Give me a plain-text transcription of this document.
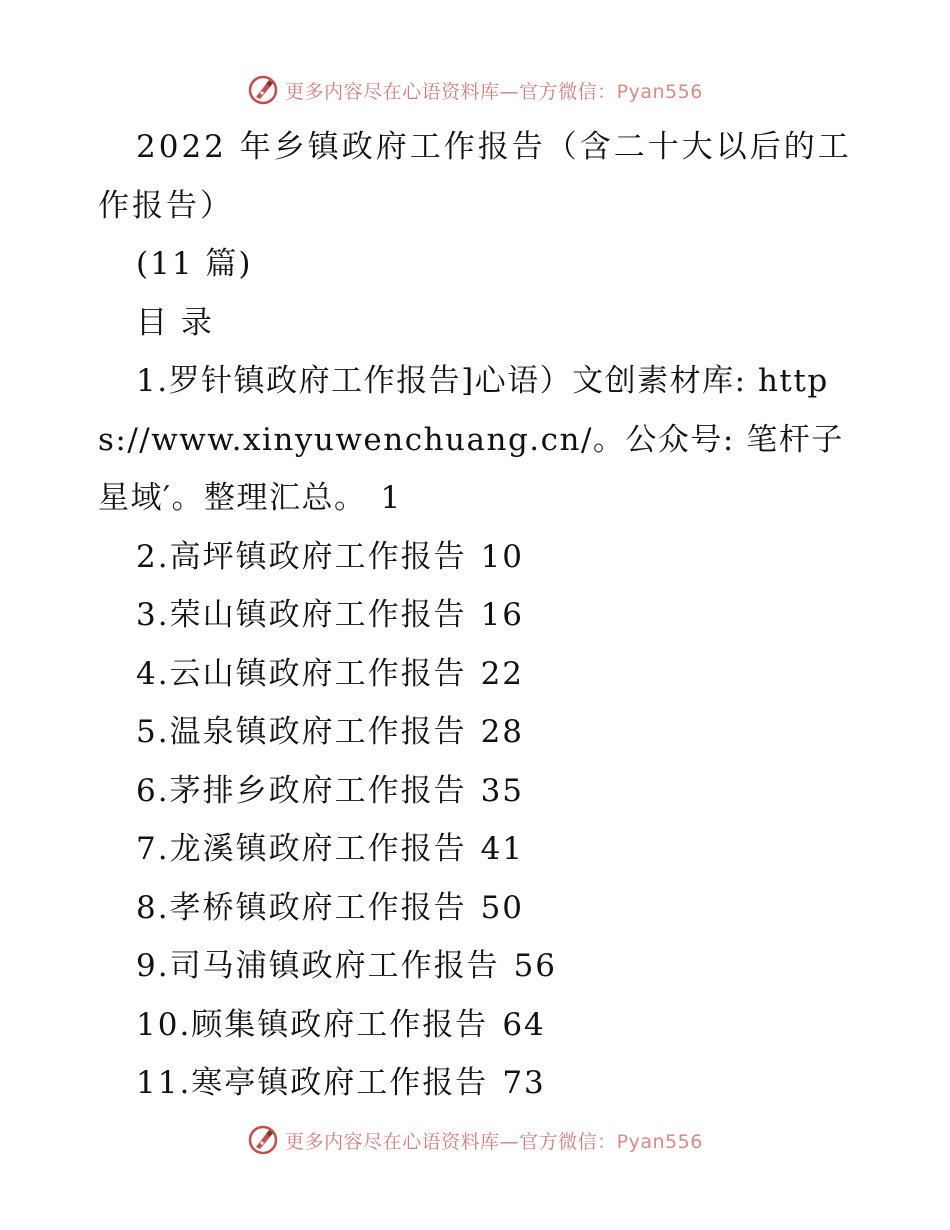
更多内容尽在心语资料库—官方微信：Pyan556
2022 年乡镇政府工作报告（含二十大以后的工作报告）
(11 篇)
目 录
1.罗针镇政府工作报告]心语）文创素材库: https://www.xinyuwenchuang.cn/。公众号: 笔杆子星域′。整理汇总。 1
2.高坪镇政府工作报告 10
3.荣山镇政府工作报告 16
4.云山镇政府工作报告 22
5.温泉镇政府工作报告 28
6.茅排乡政府工作报告 35
7.龙溪镇政府工作报告 41
8.孝桥镇政府工作报告 50
9.司马浦镇政府工作报告 56
10.顾集镇政府工作报告 64
11.寒亭镇政府工作报告 73
更多内容尽在心语资料库—官方微信：Pyan556
